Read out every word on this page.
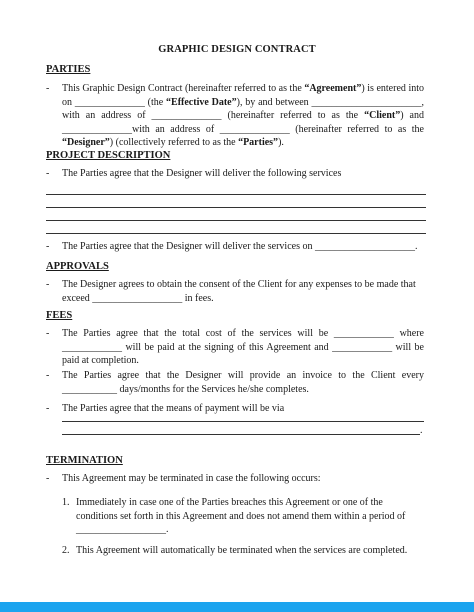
GRAPHIC DESIGN CONTRACT
PARTIES
- This Graphic Design Contract (hereinafter referred to as the “Agreement”) is entered into on ______________ (the “Effective Date”), by and between ______________________, with an address of ______________ (hereinafter referred to as the “Client”) and ______________with an address of ______________ (hereinafter referred to as the “Designer”) (collectively referred to as the “Parties”).

PROJECT DESCRIPTION
- The Parties agree that the Designer will deliver the following services

- The Parties agree that the Designer will deliver the services on ____________________.

APPROVALS
- The Designer agrees to obtain the consent of the Client for any expenses to be made that exceed __________________ in fees.

FEES
- The Parties agree that the total cost of the services will be ____________ where ____________ will be paid at the signing of this Agreement and ____________ will be paid at completion.

- The Parties agree that the Designer will provide an invoice to the Client every ___________ days/months for the Services he/she completes.

- The Parties agree that the means of payment will be via

.
TERMINATION
- This Agreement may be terminated in case the following occurs:

1. Immediately in case one of the Parties breaches this Agreement or one of the conditions set forth in this Agreement and does not amend them within a period of __________________.

2. This Agreement will automatically be terminated when the services are completed.
